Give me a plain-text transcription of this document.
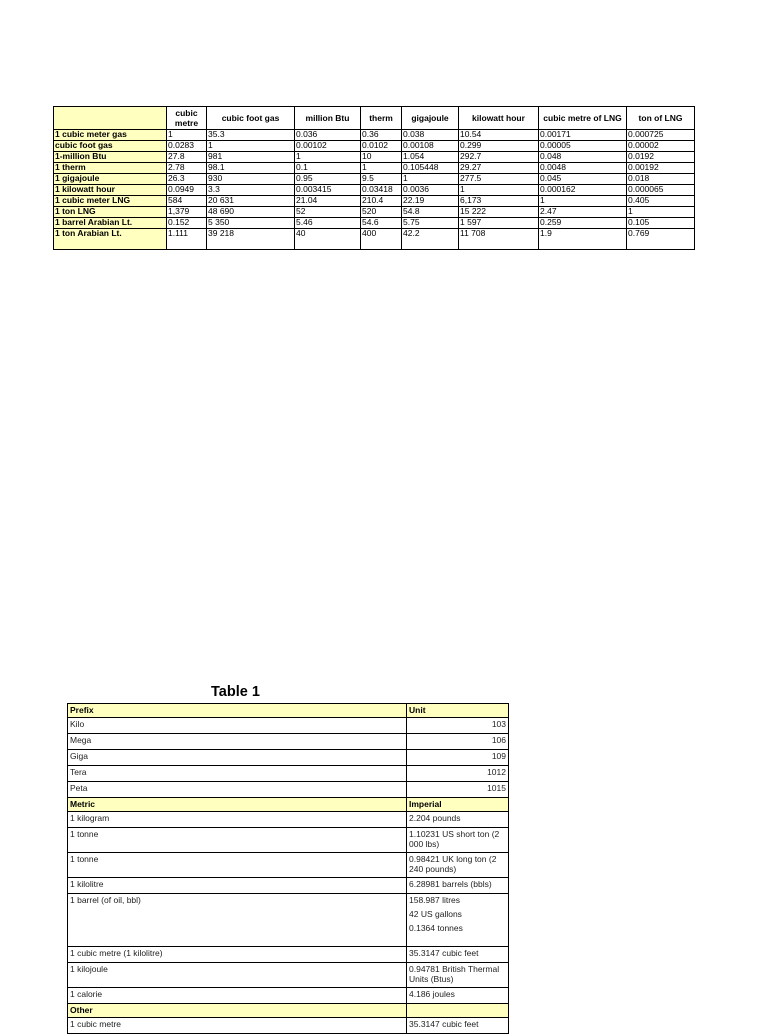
	cubic metre	cubic foot gas	million Btu	therm	gigajoule	kilowatt hour	cubic metre of LNG	ton of LNG
1 cubic meter gas	1	35.3	0.036	0.36	0.038	10.54	0.00171	0.000725
cubic foot gas	0.0283	1	0.00102	0.0102	0.00108	0.299	0.00005	0.00002
1-million Btu	27.8	981	1	10	1.054	292.7	0.048	0.0192
1 therm	2.78	98.1	0.1	1	0.105448	29.27	0.0048	0.00192
1 gigajoule	26.3	930	0.95	9.5	1	277.5	0.045	0.018
1 kilowatt hour	0.0949	3.3	0.003415	0.03418	0.0036	1	0.000162	0.000065
1 cubic meter LNG	584	20 631	21.04	210.4	22.19	6,173	1	0.405
1 ton LNG	1,379	48 690	52	520	54.8	15 222	2.47	1
1 barrel Arabian Lt.	0.152	5 350	5.46	54.6	5.75	1 597	0.259	0.105
1 ton Arabian Lt.	1.111	39 218	40	400	42.2	11 708	1.9	0.769
Table 1
Prefix	Unit
Kilo	103
Mega	106
Giga	109
Tera	1012
Peta	1015
Metric	Imperial
1 kilogram	2.204 pounds

1 tonne	1.10231 US short ton (2 000 lbs)

1 tonne	0.98421 UK long ton (2 240 pounds)

1 kilolitre	6.28981 barrels (bbls)

1 barrel (of oil, bbl)	158.987 litres
42 US gallons
0.1364 tonnes

1 cubic metre (1 kilolitre)	35.3147 cubic feet

1 kilojoule	0.94781 British Thermal Units (Btus)

1 calorie	4.186 joules

Other	
1 cubic metre	35.3147 cubic feet
